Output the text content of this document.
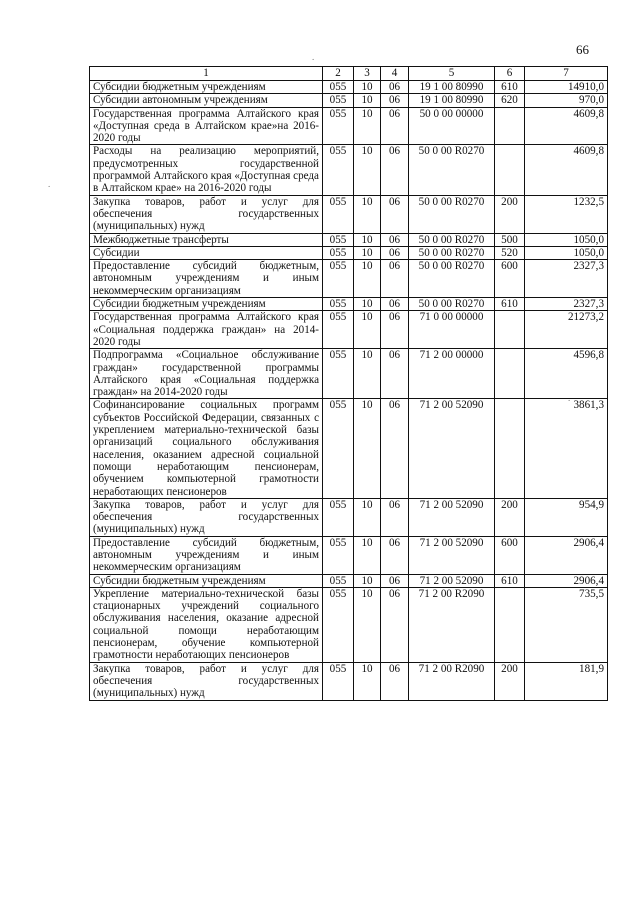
66
.
.
.
1	2	3	4	5	6	7
Субсидии бюджетным учреждениям	055	10	06	19 1 00 80990	610	14910,0
Субсидии автономным учреждениям	055	10	06	19 1 00 80990	620	970,0
Государственная программа Алтайского края «Доступная среда в Алтайском крае»на 2016-2020 годы	055	10	06	50 0 00 00000		4609,8
Расходы на реализацию мероприятий, предусмотренных государственной программой Алтайского края «Доступная среда в Алтайском крае» на 2016-2020 годы	055	10	06	50 0 00 R0270		4609,8
Закупка товаров, работ и услуг для обеспечения государственных (муниципальных) нужд	055	10	06	50 0 00 R0270	200	1232,5
Межбюджетные трансферты	055	10	06	50 0 00 R0270	500	1050,0
Субсидии	055	10	06	50 0 00 R0270	520	1050,0
Предоставление субсидий бюджетным, автономным учреждениям и иным некоммерческим организациям	055	10	06	50 0 00 R0270	600	2327,3
Субсидии бюджетным учреждениям	055	10	06	50 0 00 R0270	610	2327,3
Государственная программа Алтайского края «Социальная поддержка граждан» на 2014-2020 годы	055	10	06	71 0 00 00000		21273,2
Подпрограмма «Социальное обслуживание граждан» государственной программы Алтайского края «Социальная поддержка граждан» на 2014-2020 годы	055	10	06	71 2 00 00000		4596,8
Софинансирование социальных программ субъектов Российской Федерации, связанных с укреплением материально-технической базы организаций социального обслуживания населения, оказанием адресной социальной помощи неработающим пенсионерам, обучением компьютерной грамотности неработающих пенсионеров	055	10	06	71 2 00 52090		3861,3
Закупка товаров, работ и услуг для обеспечения государственных (муниципальных) нужд	055	10	06	71 2 00 52090	200	954,9
Предоставление субсидий бюджетным, автономным учреждениям и иным некоммерческим организациям	055	10	06	71 2 00 52090	600	2906,4
Субсидии бюджетным учреждениям	055	10	06	71 2 00 52090	610	2906,4
Укрепление материально-технической базы стационарных учреждений социального обслуживания населения, оказание адресной социальной помощи неработающим пенсионерам, обучение компьютерной грамотности неработающих пенсионеров	055	10	06	71 2 00 R2090		735,5
Закупка товаров, работ и услуг для обеспечения государственных (муниципальных) нужд	055	10	06	71 2 00 R2090	200	181,9
